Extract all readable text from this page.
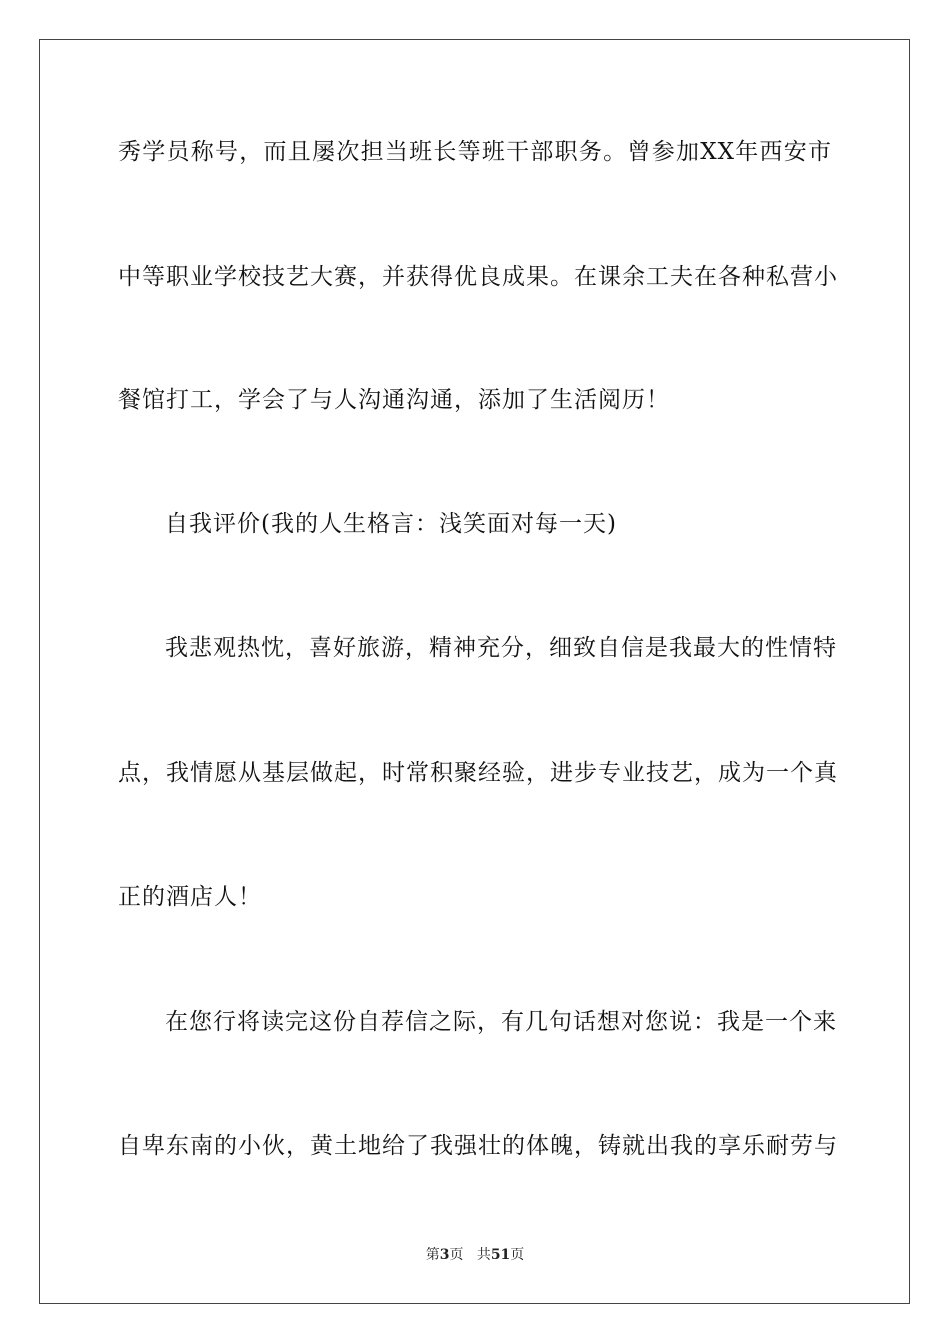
秀学员称号，而且屡次担当班长等班干部职务。曾参加XX年西安市
中等职业学校技艺大赛，并获得优良成果。在课余工夫在各种私营小
餐馆打工，学会了与人沟通沟通，添加了生活阅历！
自我评价(我的人生格言：浅笑面对每一天)
我悲观热忱，喜好旅游，精神充分，细致自信是我最大的性情特
点，我情愿从基层做起，时常积聚经验，进步专业技艺，成为一个真
正的酒店人！
在您行将读完这份自荐信之际，有几句话想对您说：我是一个来
自卑东南的小伙，黄土地给了我强壮的体魄，铸就出我的享乐耐劳与
第3页 共51页
